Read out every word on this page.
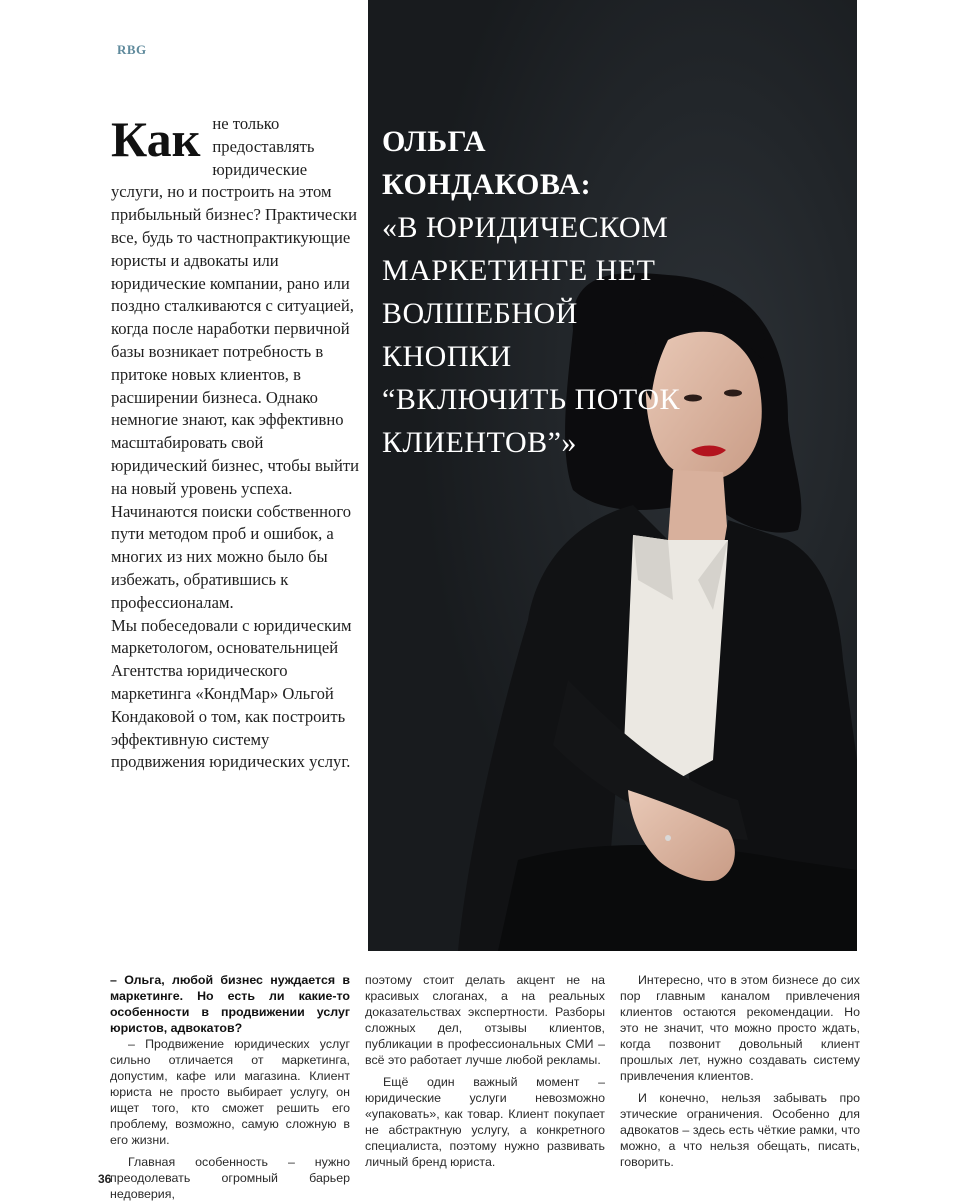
RBG
Как не только предоставлять юридические услуги, но и построить на этом прибыльный бизнес? Практически все, будь то частнопрактикующие юристы и адвокаты или юридические компании, рано или поздно сталкиваются с ситуацией, когда после наработки первичной базы возникает потребность в притоке новых клиентов, в расширении бизнеса. Однако немногие знают, как эффективно масштабировать свой юридический бизнес, чтобы выйти на новый уровень успеха. Начинаются поиски собственного пути методом проб и ошибок, а многих из них можно было бы избежать, обратившись к профессионалам.

Мы побеседовали с юридическим маркетологом, основательницей Агентства юридического маркетинга «КондМар» Ольгой Кондаковой о том, как построить эффективную систему продвижения юридических услуг.

ОЛЬГА КОНДАКОВА:
«В ЮРИДИЧЕСКОМ МАРКЕТИНГЕ НЕТ ВОЛШЕБНОЙ КНОПКИ “ВКЛЮЧИТЬ ПОТОК КЛИЕНТОВ”»

– Ольга, любой бизнес нуждается в маркетинге. Но есть ли какие-то особенности в продвижении услуг юристов, адвокатов?

– Продвижение юридических услуг сильно отличается от маркетинга, допустим, кафе или магазина. Клиент юриста не просто выбирает услугу, он ищет того, кто сможет решить его проблему, возможно, самую сложную в его жизни.

Главная особенность – нужно преодолевать огромный барьер недоверия,

поэтому стоит делать акцент не на красивых слоганах, а на реальных доказательствах экспертности. Разборы сложных дел, отзывы клиентов, публикации в профессиональных СМИ – всё это работает лучше любой рекламы.

Ещё один важный момент – юридические услуги невозможно «упаковать», как товар. Клиент покупает не абстрактную услугу, а конкретного специалиста, поэтому нужно развивать личный бренд юриста.

Интересно, что в этом бизнесе до сих пор главным каналом привлечения клиентов остаются рекомендации. Но это не значит, что можно просто ждать, когда позвонит довольный клиент прошлых лет, нужно создавать систему привлечения клиентов.

И конечно, нельзя забывать про этические ограничения. Особенно для адвокатов – здесь есть чёткие рамки, что можно, а что нельзя обещать, писать, говорить.

36
